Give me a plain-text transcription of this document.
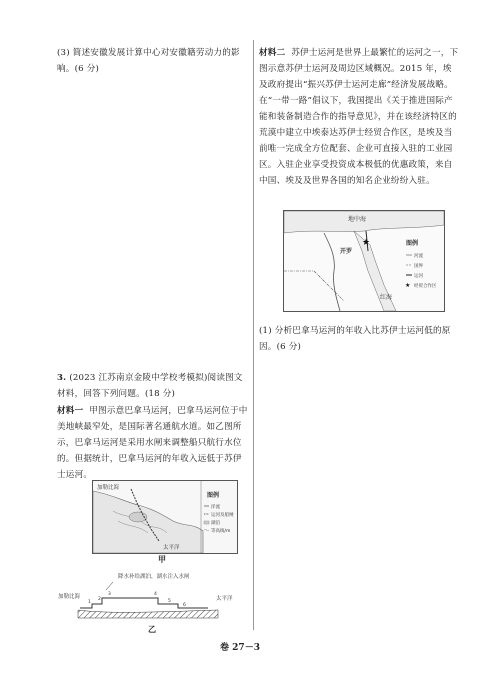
(3) 简述安徽发展计算中心对安徽籍劳动力的影响。(6 分)
3. (2023 江苏南京金陵中学校考模拟)阅读图文材料，回答下列问题。(18 分)
材料一 甲图示意巴拿马运河，巴拿马运河位于中美地峡最窄处，是国际著名通航水道。如乙图所示，巴拿马运河是采用水闸来调整船只航行水位的。但据统计，巴拿马运河的年收入远低于苏伊士运河。
加勒比海
太平洋
图例
洋流
运河及船闸
湖泊
等高线/m
甲
降水补给湖泊，湖水注入水闸
加勒比海	太平洋
1
2
3	4
5
6
乙
材料二 苏伊士运河是世界上最繁忙的运河之一，下图示意苏伊士运河及周边区域概况。2015 年，埃及政府提出“振兴苏伊士运河走廊”经济发展战略。在“一带一路”倡议下，我国提出《关于推进国际产能和装备制造合作的指导意见》，并在该经济特区的荒漠中建立中埃泰达苏伊士经贸合作区，是埃及当前唯一完成全方位配套、企业可直接入驻的工业园区。入驻企业享受投资成本极低的优惠政策，来自中国、埃及及世界各国的知名企业纷纷入驻。
地中海
开罗
★
红海
图例
河流
国界
运河
★ 经贸合作区
(1) 分析巴拿马运河的年收入比苏伊士运河低的原因。(6 分)
卷 27－3
